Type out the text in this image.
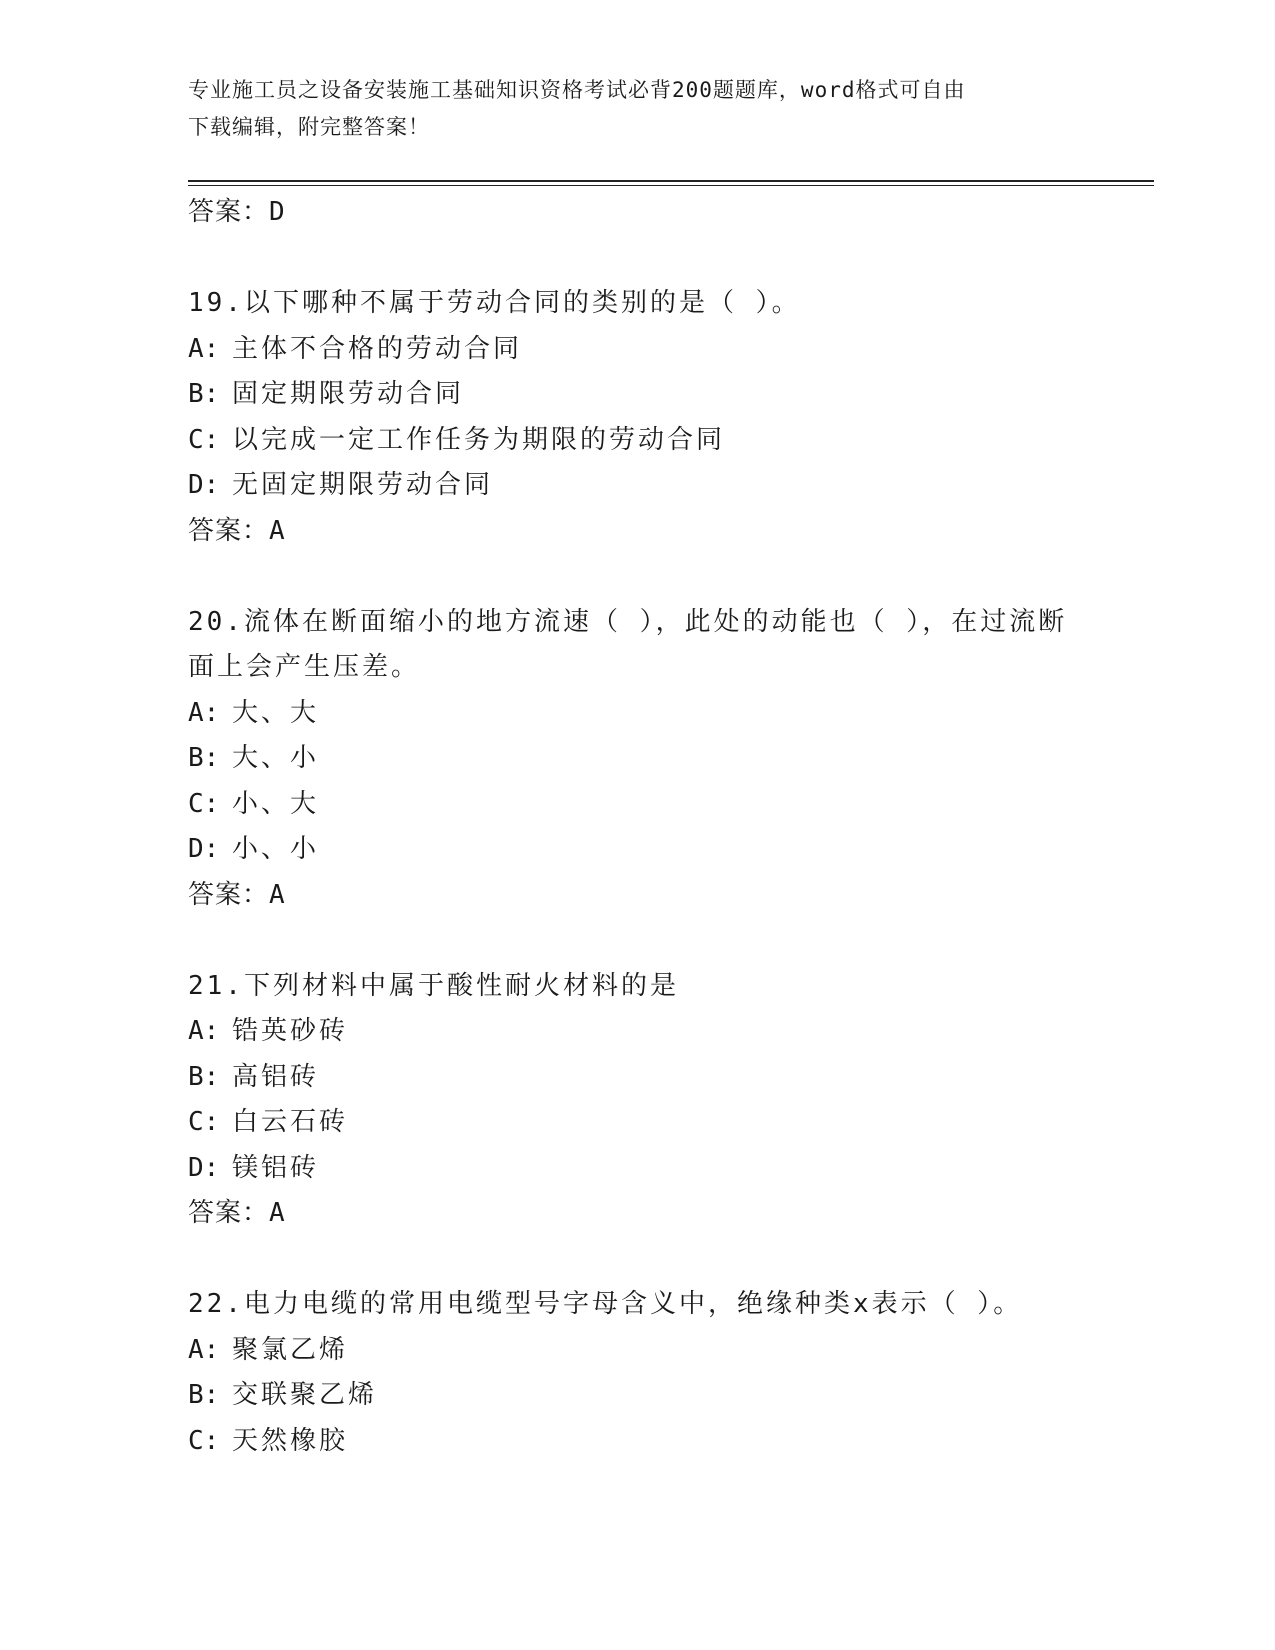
专业施工员之设备安装施工基础知识资格考试必背200题题库，word格式可自由
下载编辑，附完整答案！
答案：D
19.以下哪种不属于劳动合同的类别的是（ ）。
A: 主体不合格的劳动合同
B: 固定期限劳动合同
C: 以完成一定工作任务为期限的劳动合同
D: 无固定期限劳动合同
答案：A
20.流体在断面缩小的地方流速（ ），此处的动能也（ ），在过流断
面上会产生压差。
A: 大、大
B: 大、小
C: 小、大
D: 小、小
答案：A
21.下列材料中属于酸性耐火材料的是
A: 锆英砂砖
B: 高铝砖
C: 白云石砖
D: 镁铝砖
答案：A
22.电力电缆的常用电缆型号字母含义中，绝缘种类x表示（ ）。
A: 聚氯乙烯
B: 交联聚乙烯
C: 天然橡胶
